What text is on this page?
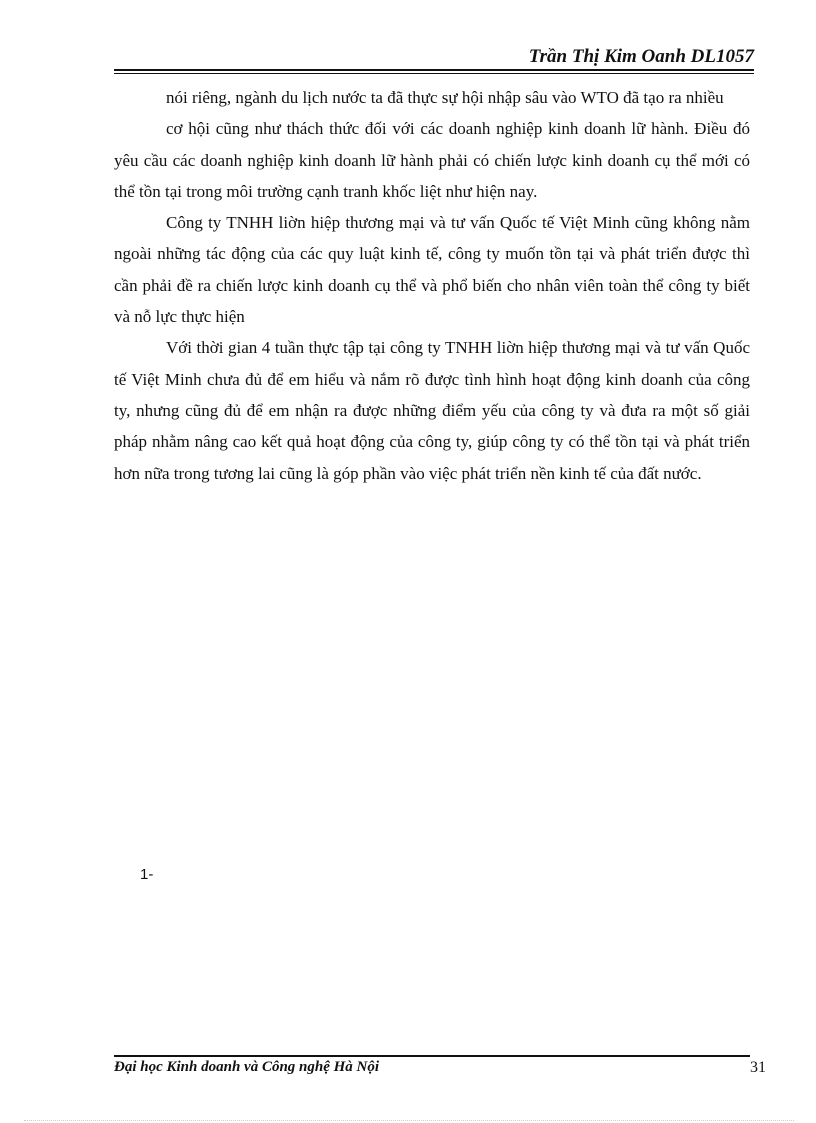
Trần Thị Kim Oanh DL1057

nói riêng, ngành du lịch nước ta đã thực sự hội nhập sâu vào WTO đã tạo ra nhiều

cơ hội cũng như thách thức đối với các doanh nghiệp kinh doanh lữ hành. Điều đó yêu cầu các doanh nghiệp kinh doanh lữ hành phải có chiến lược kinh doanh cụ thể mới có thể tồn tại trong môi trường cạnh tranh khốc liệt như hiện nay.

Công ty TNHH liờn hiệp thương mại và tư vấn Quốc tế Việt Minh cũng không nằm ngoài những tác động của các quy luật kinh tế, công ty muốn tồn tại và phát triển được thì cần phải đề ra chiến lược kinh doanh cụ thể và phổ biến cho nhân viên toàn thể công ty biết và nỗ lực thực hiện

Với thời gian 4 tuần thực tập tại công ty TNHH liờn hiệp thương mại và tư vấn Quốc tế Việt Minh chưa đủ để em hiểu và nắm rõ được tình hình hoạt động kinh doanh của công ty, nhưng cũng đủ để em nhận ra được những điểm yếu của công ty và đưa ra một số giải pháp nhằm nâng cao kết quả hoạt động của công ty, giúp công ty có thể tồn tại và phát triển hơn nữa trong tương lai cũng là góp phần vào việc phát triển nền kinh tế của đất nước.

1-

Đại học Kinh doanh và Công nghệ Hà Nội	31
